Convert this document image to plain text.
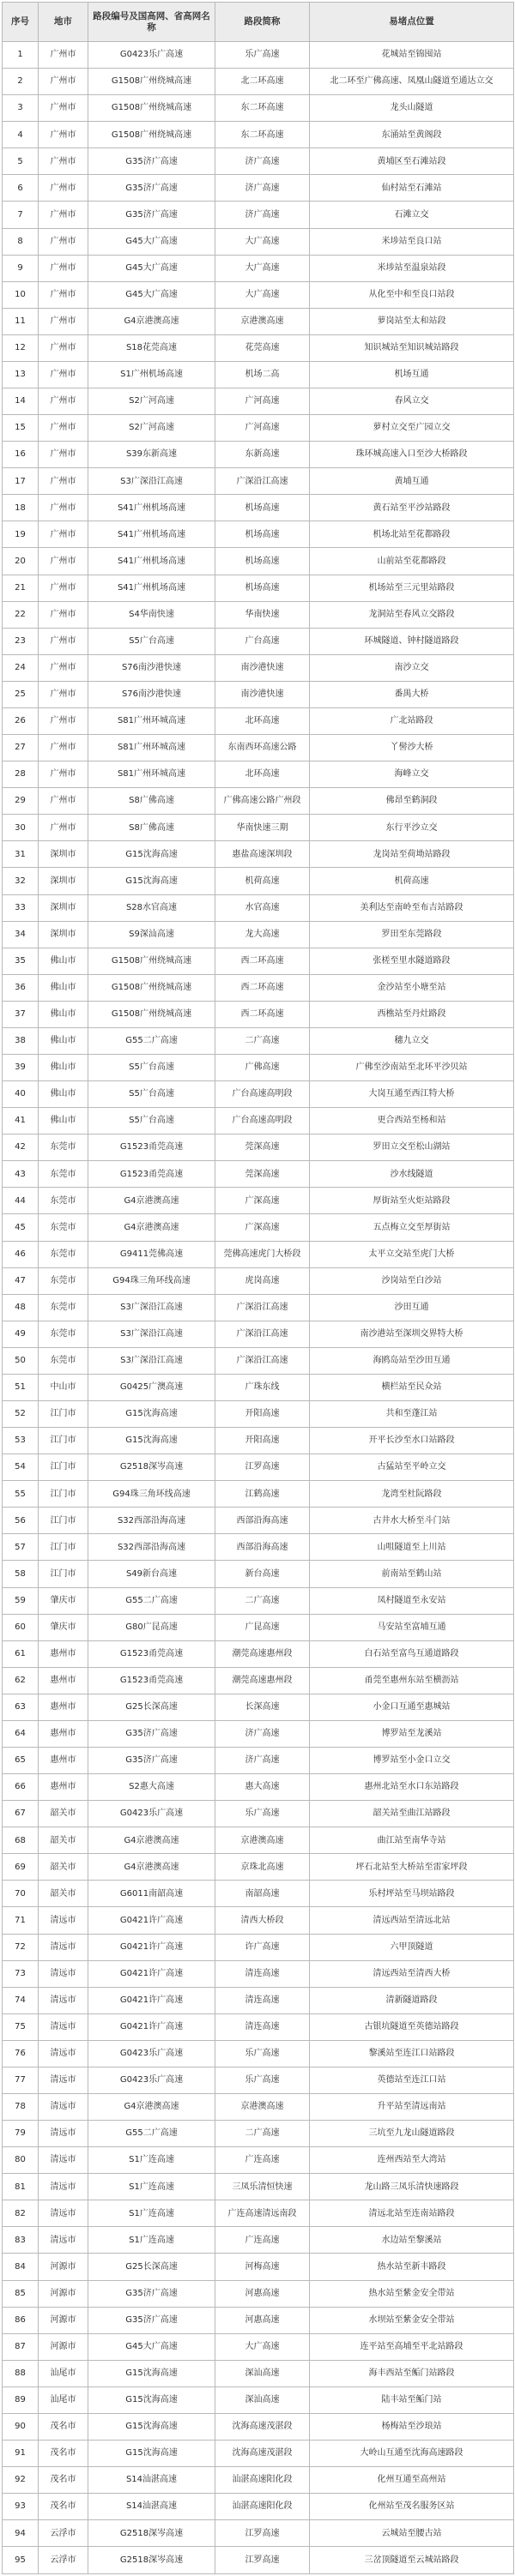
序号	地市	路段编号及国高网、省高网名称	路段简称	易堵点位置
1	广州市	G0423乐广高速	乐广高速	花城站至锦囤站
2	广州市	G1508广州绕城高速	北二环高速	北二环至广佛高速、凤凰山隧道至通达立交
3	广州市	G1508广州绕城高速	东二环高速	龙头山隧道
4	广州市	G1508广州绕城高速	东二环高速	东涌站至黄阁段
5	广州市	G35济广高速	济广高速	黄埔区至石滩站段
6	广州市	G35济广高速	济广高速	仙村站至石滩站
7	广州市	G35济广高速	济广高速	石滩立交
8	广州市	G45大广高速	大广高速	米埗站至良口站
9	广州市	G45大广高速	大广高速	米埗站至温泉站段
10	广州市	G45大广高速	大广高速	从化至中和至良口站段
11	广州市	G4京港澳高速	京港澳高速	萝岗站至太和站段
12	广州市	S18花莞高速	花莞高速	知识城站至知识城站路段
13	广州市	S1广州机场高速	机场二高	机场互通
14	广州市	S2广河高速	广河高速	春风立交
15	广州市	S2广河高速	广河高速	萝村立交至广园立交
16	广州市	S39东新高速	东新高速	珠环城高速入口至沙大桥路段
17	广州市	S3广深沿江高速	广深沿江高速	黄埔互通
18	广州市	S41广州机场高速	机场高速	黄石站至平沙站路段
19	广州市	S41广州机场高速	机场高速	机场北站至花都路段
20	广州市	S41广州机场高速	机场高速	山前站至花都路段
21	广州市	S41广州机场高速	机场高速	机场站至三元里站路段
22	广州市	S4华南快速	华南快速	龙洞站至春风立交路段
23	广州市	S5广台高速	广台高速	环城隧道、钟村隧道路段
24	广州市	S76南沙港快速	南沙港快速	南沙立交
25	广州市	S76南沙港快速	南沙港快速	番禺大桥
26	广州市	S81广州环城高速	北环高速	广北站路段
27	广州市	S81广州环城高速	东南西环高速公路	丫髻沙大桥
28	广州市	S81广州环城高速	北环高速	海峰立交
29	广州市	S8广佛高速	广佛高速公路广州段	佛昂至鹤洞段
30	广州市	S8广佛高速	华南快速三期	东行平沙立交
31	深圳市	G15沈海高速	惠盐高速深圳段	龙岗站至荷坳站路段
32	深圳市	G15沈海高速	机荷高速	机荷高速
33	深圳市	S28水官高速	水官高速	美利达至南岭至布吉站路段
34	深圳市	S9深汕高速	龙大高速	罗田至东莞路段
35	佛山市	G1508广州绕城高速	西二环高速	张槎至里水隧道路段
36	佛山市	G1508广州绕城高速	西二环高速	金沙站至小塘至站
37	佛山市	G1508广州绕城高速	西二环高速	西樵站至丹灶路段
38	佛山市	G55二广高速	二广高速	穗九立交
39	佛山市	S5广台高速	广佛高速	广佛至沙南站至北环平沙贝站
40	佛山市	S5广台高速	广台高速高明段	大岗互通至西江特大桥
41	佛山市	S5广台高速	广台高速高明段	更合西站至杨和站
42	东莞市	G1523甬莞高速	莞深高速	罗田立交至松山湖站
43	东莞市	G1523甬莞高速	莞深高速	沙水线隧道
44	东莞市	G4京港澳高速	广深高速	厚街站至火炬站路段
45	东莞市	G4京港澳高速	广深高速	五点梅立交至厚街站
46	东莞市	G9411莞佛高速	莞佛高速虎门大桥段	太平立交站至虎门大桥
47	东莞市	G94珠三角环线高速	虎岗高速	沙岗站至白沙站
48	东莞市	S3广深沿江高速	广深沿江高速	沙田互通
49	东莞市	S3广深沿江高速	广深沿江高速	南沙港站至深圳交界特大桥
50	东莞市	S3广深沿江高速	广深沿江高速	海鸥岛站至沙田互通
51	中山市	G0425广澳高速	广珠东线	横栏站至民众站
52	江门市	G15沈海高速	开阳高速	共和至蓬江站
53	江门市	G15沈海高速	开阳高速	开平长沙至水口站路段
54	江门市	G2518深岑高速	江罗高速	古猛站至平岭立交
55	江门市	G94珠三角环线高速	江鹤高速	龙湾至杜阮路段
56	江门市	S32西部沿海高速	西部沿海高速	古井水大桥至斗门站
57	江门市	S32西部沿海高速	西部沿海高速	山咀隧道至上川站
58	江门市	S49新台高速	新台高速	前南站至鹤山站
59	肇庆市	G55二广高速	二广高速	凤村隧道至永安站
60	肇庆市	G80广昆高速	广昆高速	马安站至富埔互通
61	惠州市	G1523甬莞高速	潮莞高速惠州段	白石站至富鸟互通道路段
62	惠州市	G1523甬莞高速	潮莞高速惠州段	甬莞至惠州东站至横沥站
63	惠州市	G25长深高速	长深高速	小金口互通至惠城站
64	惠州市	G35济广高速	济广高速	博罗站至龙溪站
65	惠州市	G35济广高速	济广高速	博罗站至小金口立交
66	惠州市	S2惠大高速	惠大高速	惠州北站至水口东站路段
67	韶关市	G0423乐广高速	乐广高速	韶关站至曲江站路段
68	韶关市	G4京港澳高速	京港澳高速	曲江站至南华寺站
69	韶关市	G4京港澳高速	京珠北高速	坪石北站至大桥站至雷家坪段
70	韶关市	G6011南韶高速	南韶高速	乐村坪站至马坝站路段
71	清远市	G0421许广高速	清西大桥段	清远西站至清远北站
72	清远市	G0421许广高速	许广高速	六甲顶隧道
73	清远市	G0421许广高速	清连高速	清远西站至清西大桥
74	清远市	G0421许广高速	清连高速	清新隧道路段
75	清远市	G0421许广高速	清连高速	古银坑隧道至英德站路段
76	清远市	G0423乐广高速	乐广高速	黎溪站至连江口站路段
77	清远市	G0423乐广高速	乐广高速	英德站至连江口站
78	清远市	G4京港澳高速	京港澳高速	升平站至清远南站
79	清远市	G55二广高速	二广高速	三坑至九龙山隧道路段
80	清远市	S1广连高速	广连高速	连州西站至大湾站
81	清远市	S1广连高速	三凤乐清恒快速	龙山路三凤乐清快速路段
82	清远市	S1广连高速	广连高速清远南段	清远北站至连南站路段
83	清远市	S1广连高速	广连高速	水边站至黎溪站
84	河源市	G25长深高速	河梅高速	热水站至新丰路段
85	河源市	G35济广高速	河惠高速	热水站至紫金安全带站
86	河源市	G35济广高速	河惠高速	水坝站至紫金安全带站
87	河源市	G45大广高速	大广高速	连平站至高埔至平北站路段
88	汕尾市	G15沈海高速	深汕高速	海丰西站至鲘门站路段
89	汕尾市	G15沈海高速	深汕高速	陆丰站至鲘门站
90	茂名市	G15沈海高速	沈海高速茂湛段	杨梅站至沙琅站
91	茂名市	G15沈海高速	沈海高速茂湛段	大岭山互通至沈海高速路段
92	茂名市	S14汕湛高速	汕湛高速阳化段	化州互通至高州站
93	茂名市	S14汕湛高速	汕湛高速阳化段	化州站至茂名服务区站
94	云浮市	G2518深岑高速	江罗高速	云城站至腰古站
95	云浮市	G2518深岑高速	江罗高速	三岔顶隧道至云城站路段
